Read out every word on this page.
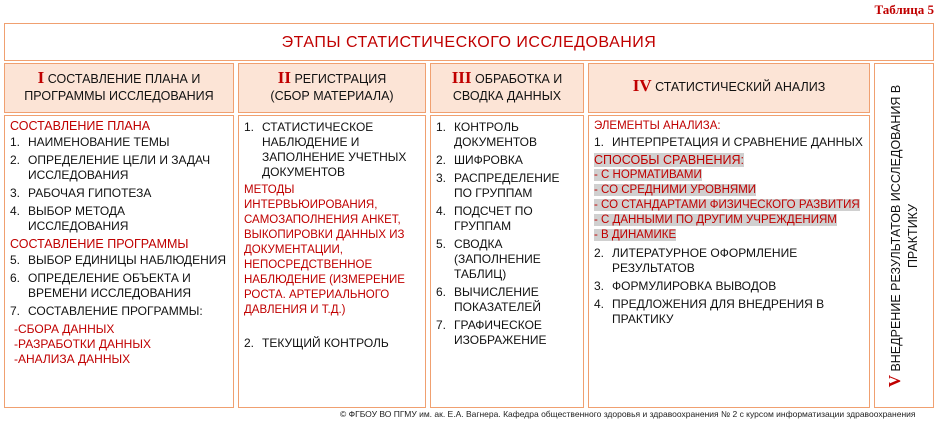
Таблица 5
ЭТАПЫ СТАТИСТИЧЕСКОГО ИССЛЕДОВАНИЯ
I СОСТАВЛЕНИЕ ПЛАНА И
ПРОГРАММЫ ИССЛЕДОВАНИЯ
СОСТАВЛЕНИЕ ПЛАНА
1. НАИМЕНОВАНИЕ ТЕМЫ
2. ОПРЕДЕЛЕНИЕ ЦЕЛИ И ЗАДАЧ ИССЛЕДОВАНИЯ
3. РАБОЧАЯ ГИПОТЕЗА
4. ВЫБОР МЕТОДА ИССЛЕДОВАНИЯ
СОСТАВЛЕНИЕ ПРОГРАММЫ
5. ВЫБОР ЕДИНИЦЫ НАБЛЮДЕНИЯ
6. ОПРЕДЕЛЕНИЕ ОБЪЕКТА И ВРЕМЕНИ ИССЛЕДОВАНИЯ
7. СОСТАВЛЕНИЕ ПРОГРАММЫ:
-СБОРА ДАННЫХ
-РАЗРАБОТКИ ДАННЫХ
-АНАЛИЗА ДАННЫХ
II РЕГИСТРАЦИЯ
(СБОР МАТЕРИАЛА)
1. СТАТИСТИЧЕСКОЕ НАБЛЮДЕНИЕ И ЗАПОЛНЕНИЕ УЧЕТНЫХ ДОКУМЕНТОВ
МЕТОДЫ ИНТЕРВЬЮИРОВАНИЯ, САМОЗАПОЛНЕНИЯ АНКЕТ, ВЫКОПИРОВКИ ДАННЫХ ИЗ ДОКУМЕНТАЦИИ, НЕПОСРЕДСТВЕННОЕ НАБЛЮДЕНИЕ (ИЗМЕРЕНИЕ РОСТА. АРТЕРИАЛЬНОГО ДАВЛЕНИЯ И Т.Д.)
2. ТЕКУЩИЙ КОНТРОЛЬ
III ОБРАБОТКА И
СВОДКА ДАННЫХ
1. КОНТРОЛЬ ДОКУМЕНТОВ
2. ШИФРОВКА
3. РАСПРЕДЕЛЕНИЕ ПО ГРУППАМ
4. ПОДСЧЕТ ПО ГРУППАМ
5. СВОДКА (ЗАПОЛНЕНИЕ ТАБЛИЦ)
6. ВЫЧИСЛЕНИЕ ПОКАЗАТЕЛЕЙ
7. ГРАФИЧЕСКОЕ ИЗОБРАЖЕНИЕ
IV СТАТИСТИЧЕСКИЙ АНАЛИЗ
ЭЛЕМЕНТЫ АНАЛИЗА:
1. ИНТЕРПРЕТАЦИЯ И СРАВНЕНИЕ ДАННЫХ
СПОСОБЫ СРАВНЕНИЯ:
- С НОРМАТИВАМИ
- СО СРЕДНИМИ УРОВНЯМИ
- СО СТАНДАРТАМИ ФИЗИЧЕСКОГО РАЗВИТИЯ
- С ДАННЫМИ ПО ДРУГИМ УЧРЕЖДЕНИЯМ
- В ДИНАМИКЕ
2. ЛИТЕРАТУРНОЕ ОФОРМЛЕНИЕ РЕЗУЛЬТАТОВ
3. ФОРМУЛИРОВКА ВЫВОДОВ
4. ПРЕДЛОЖЕНИЯ ДЛЯ ВНЕДРЕНИЯ В ПРАКТИКУ
V ВНЕДРЕНИЕ РЕЗУЛЬТАТОВ ИССЛЕДОВАНИЯ В ПРАКТИКУ
© ФГБОУ ВО ПГМУ им. ак. Е.А. Вагнера. Кафедра общественного здоровья и здравоохранения № 2 с курсом информатизации здравоохранения
